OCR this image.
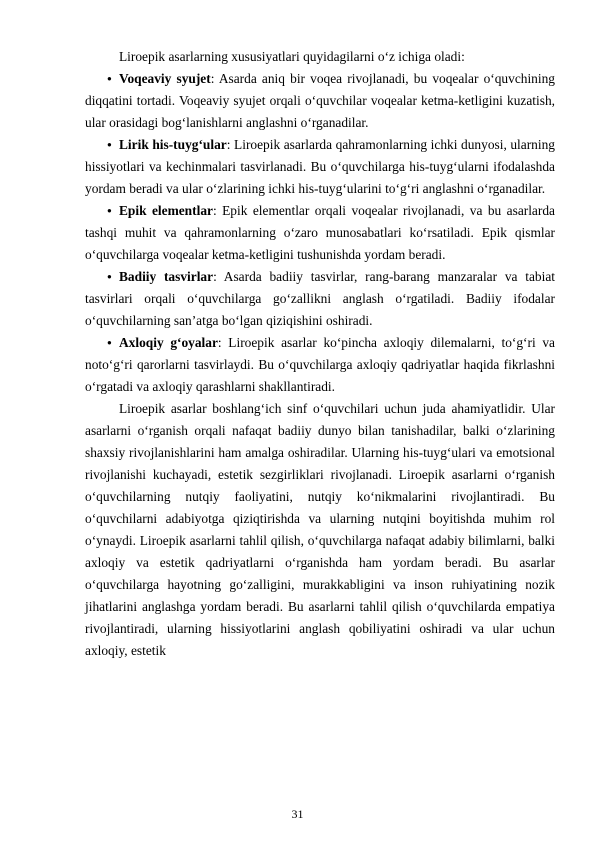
Liroepik asarlarning xususiyatlari quyidagilarni o‘z ichiga oladi:

● Voqeaviy syujet: Asarda aniq bir voqea rivojlanadi, bu voqealar o‘quvchining diqqatini tortadi. Voqeaviy syujet orqali o‘quvchilar voqealar ketma-ketligini kuzatish, ular orasidagi bog‘lanishlarni anglashni o‘rganadilar.
● Lirik his-tuyg‘ular: Liroepik asarlarda qahramonlarning ichki dunyosi, ularning hissiyotlari va kechinmalari tasvirlanadi. Bu o‘quvchilarga his-tuyg‘ularni ifodalashda yordam beradi va ular o‘zlarining ichki his-tuyg‘ularini to‘g‘ri anglashni o‘rganadilar.
● Epik elementlar: Epik elementlar orqali voqealar rivojlanadi, va bu asarlarda tashqi muhit va qahramonlarning o‘zaro munosabatlari ko‘rsatiladi. Epik qismlar o‘quvchilarga voqealar ketma-ketligini tushunishda yordam beradi.
● Badiiy tasvirlar: Asarda badiiy tasvirlar, rang-barang manzaralar va tabiat tasvirlari orqali o‘quvchilarga go‘zallikni anglash o‘rgatiladi. Badiiy ifodalar o‘quvchilarning san’atga bo‘lgan qiziqishini oshiradi.
● Axloqiy g‘oyalar: Liroepik asarlar ko‘pincha axloqiy dilemalarni, to‘g‘ri va noto‘g‘ri qarorlarni tasvirlaydi. Bu o‘quvchilarga axloqiy qadriyatlar haqida fikrlashni o‘rgatadi va axloqiy qarashlarni shakllantiradi.

Liroepik asarlar boshlang‘ich sinf o‘quvchilari uchun juda ahamiyatlidir. Ular asarlarni o‘rganish orqali nafaqat badiiy dunyo bilan tanishadilar, balki o‘zlarining shaxsiy rivojlanishlarini ham amalga oshiradilar. Ularning his-tuyg‘ulari va emotsional rivojlanishi kuchayadi, estetik sezgirliklari rivojlanadi. Liroepik asarlarni o‘rganish o‘quvchilarning nutqiy faoliyatini, nutqiy ko‘nikmalarini rivojlantiradi. Bu o‘quvchilarni adabiyotga qiziqtirishda va ularning nutqini boyitishda muhim rol o‘ynaydi. Liroepik asarlarni tahlil qilish, o‘quvchilarga nafaqat adabiy bilimlarni, balki axloqiy va estetik qadriyatlarni o‘rganishda ham yordam beradi. Bu asarlar o‘quvchilarga hayotning go‘zalligini, murakkabligini va inson ruhiyatining nozik jihatlarini anglashga yordam beradi. Bu asarlarni tahlil qilish o‘quvchilarda empatiya rivojlantiradi, ularning hissiyotlarini anglash qobiliyatini oshiradi va ular uchun axloqiy, estetik

31
